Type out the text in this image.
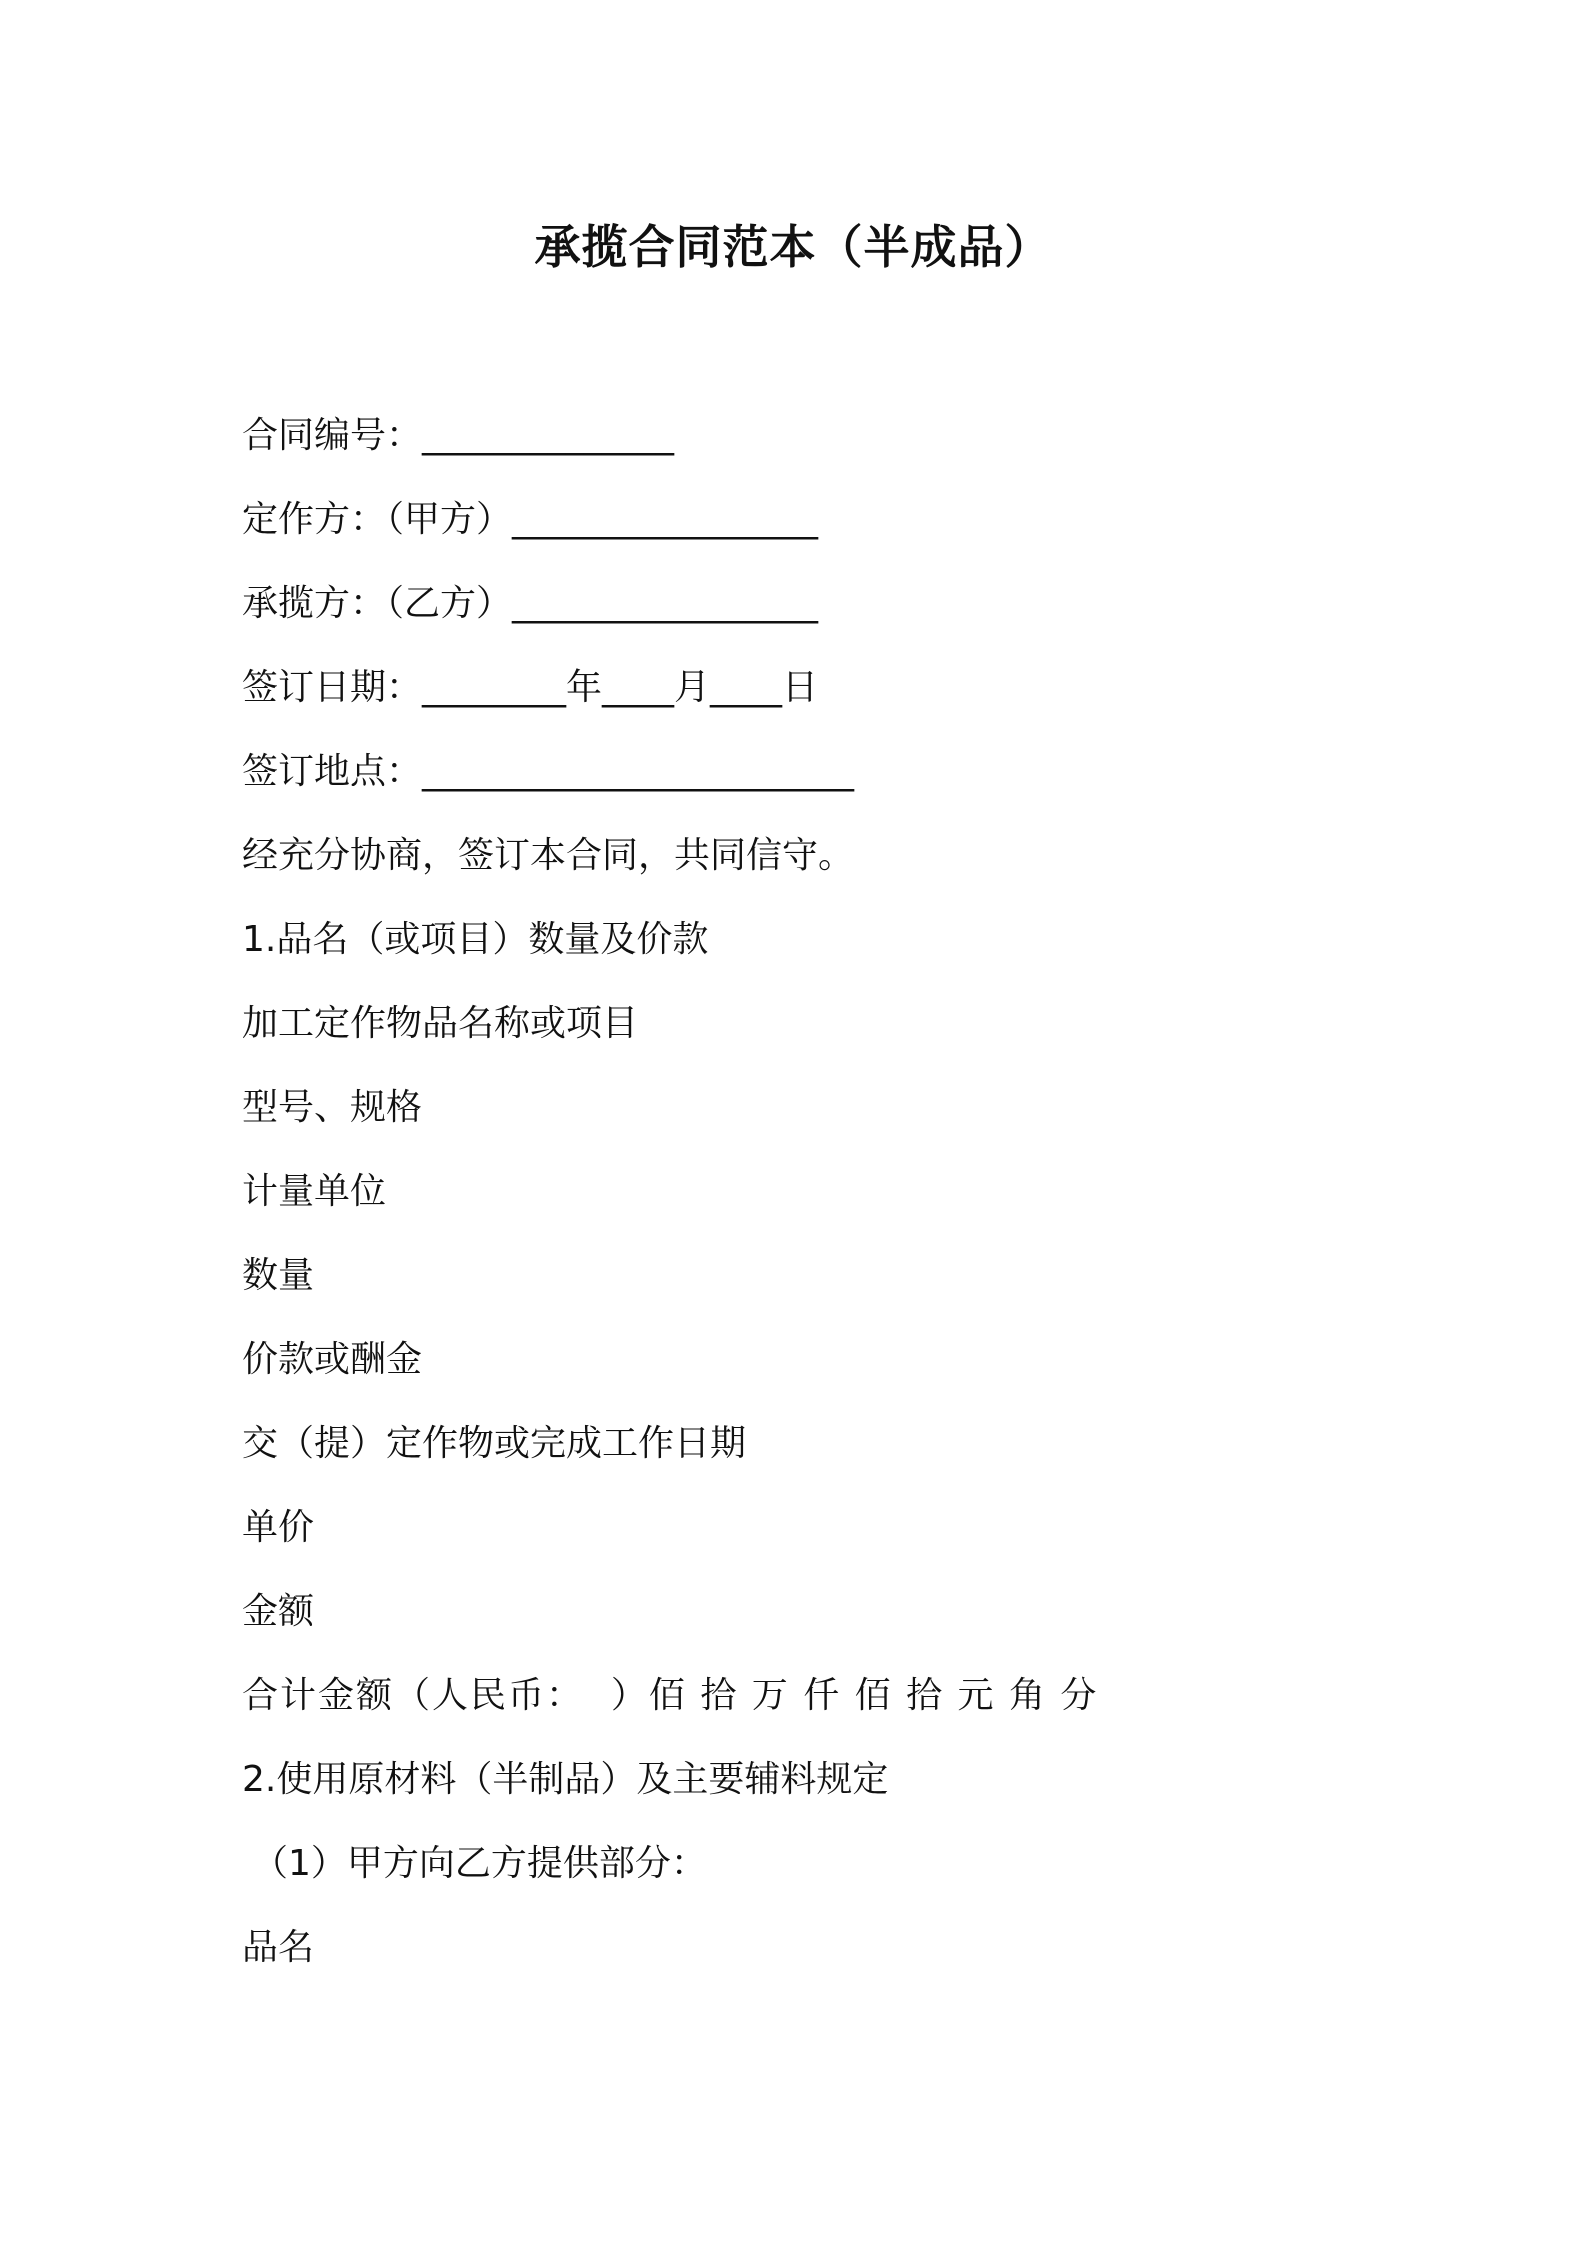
承揽合同范本（半成品）
合同编号：______________
定作方：（甲方）_________________
承揽方：（乙方）_________________
签订日期：________年____月____日
签订地点：________________________
经充分协商，签订本合同，共同信守。
1.品名（或项目）数量及价款
加工定作物品名称或项目
型号、规格
计量单位
数量
价款或酬金
交（提）定作物或完成工作日期
单价
金额
合计金额（人民币：  ）佰 拾 万 仟 佰 拾 元 角 分
2.使用原材料（半制品）及主要辅料规定
（1）甲方向乙方提供部分：
品名
